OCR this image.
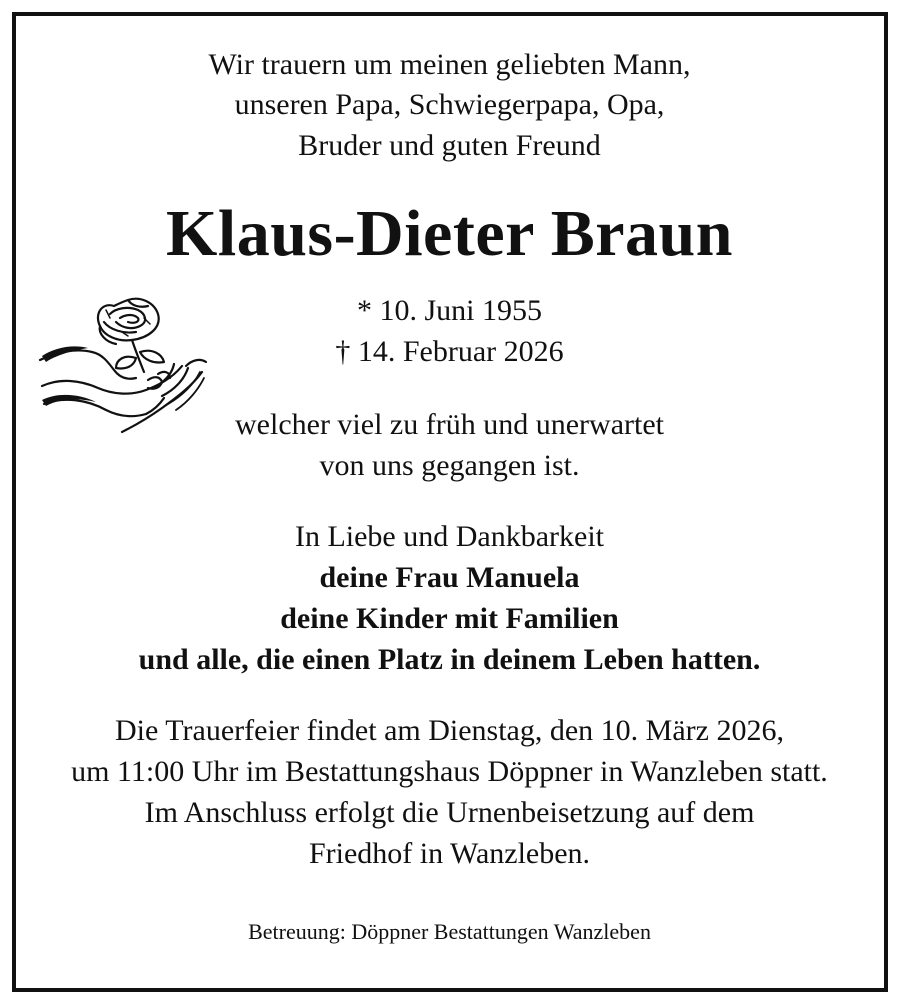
Wir trauern um meinen geliebten Mann,
unseren Papa, Schwiegerpapa, Opa,
Bruder und guten Freund
Klaus-Dieter Braun
* 10. Juni 1955
† 14. Februar 2026
welcher viel zu früh und unerwartet
von uns gegangen ist.
In Liebe und Dankbarkeit
deine Frau Manuela
deine Kinder mit Familien
und alle, die einen Platz in deinem Leben hatten.
Die Trauerfeier findet am Dienstag, den 10. März 2026,
um 11:00 Uhr im Bestattungshaus Döppner in Wanzleben statt.
Im Anschluss erfolgt die Urnenbeisetzung auf dem
Friedhof in Wanzleben.
Betreuung: Döppner Bestattungen Wanzleben
